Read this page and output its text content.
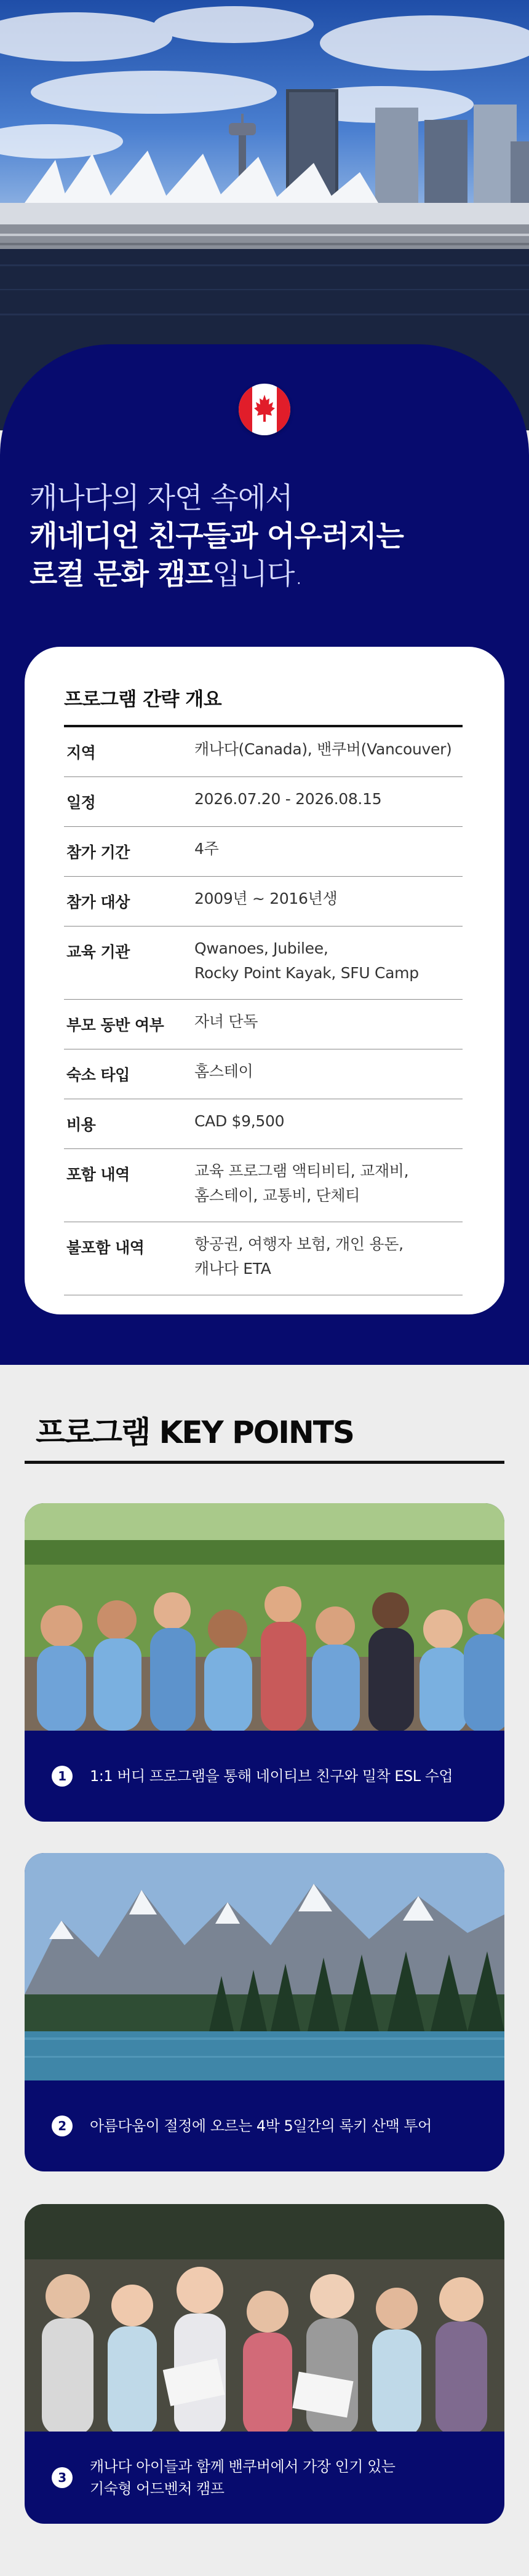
캐나다의 자연 속에서
캐네디언 친구들과 어우러지는
로컬 문화 캠프입니다.
프로그램 간략 개요
지역	캐나다(Canada), 밴쿠버(Vancouver)
일정	2026.07.20 - 2026.08.15
참가 기간	4주
참가 대상	2009년 ~ 2016년생
교육 기관	Qwanoes, Jubilee,
Rocky Point Kayak, SFU Camp
부모 동반 여부	자녀 단독
숙소 타입	홈스테이
비용	CAD $9,500
포함 내역	교육 프로그램 액티비티, 교재비,
홈스테이, 교통비, 단체티
불포함 내역	항공권, 여행자 보험, 개인 용돈,
캐나다 ETA
프로그램 KEY POINTS
1	1:1 버디 프로그램을 통해 네이티브 친구와 밀착 ESL 수업
2	아름다움이 절정에 오르는 4박 5일간의 록키 산맥 투어
3
캐나다 아이들과 함께 밴쿠버에서 가장 인기 있는
기숙형 어드벤처 캠프
